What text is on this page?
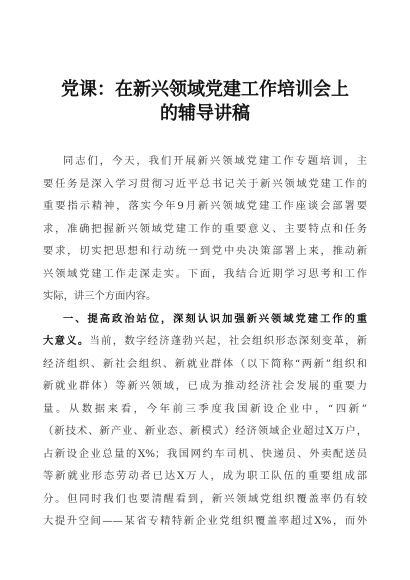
党课：在新兴领域党建工作培训会上
的辅导讲稿
同志们，今天，我们开展新兴领域党建工作专题培训，主
要任务是深入学习贯彻习近平总书记关于新兴领域党建工作的
重要指示精神，落实今年9月新兴领域党建工作座谈会部署要
求，准确把握新兴领域党建工作的重要意义、主要特点和任务
要求，切实把思想和行动统一到党中央决策部署上来，推动新
兴领域党建工作走深走实。下面，我结合近期学习思考和工作
实际，讲三个方面内容。
一、提高政治站位，深刻认识加强新兴领域党建工作的重
大意义。当前，数字经济蓬勃兴起，社会组织形态深刻变革，新
经济组织、新社会组织、新就业群体（以下简称“两新”组织和
新就业群体）等新兴领域，已成为推动经济社会发展的重要力
量。从数据来看，今年前三季度我国新设企业中，“四新”
（新技术、新产业、新业态、新模式）经济领域企业超过X万户，
占新设企业总量的X%；我国网约车司机、快递员、外卖配送员
等新就业形态劳动者已达X万人，成为职工队伍的重要组成部
分。但同时我们也要清醒看到，新兴领域党组织覆盖率仍有较
大提升空间——某省专精特新企业党组织覆盖率超过X%，而外
